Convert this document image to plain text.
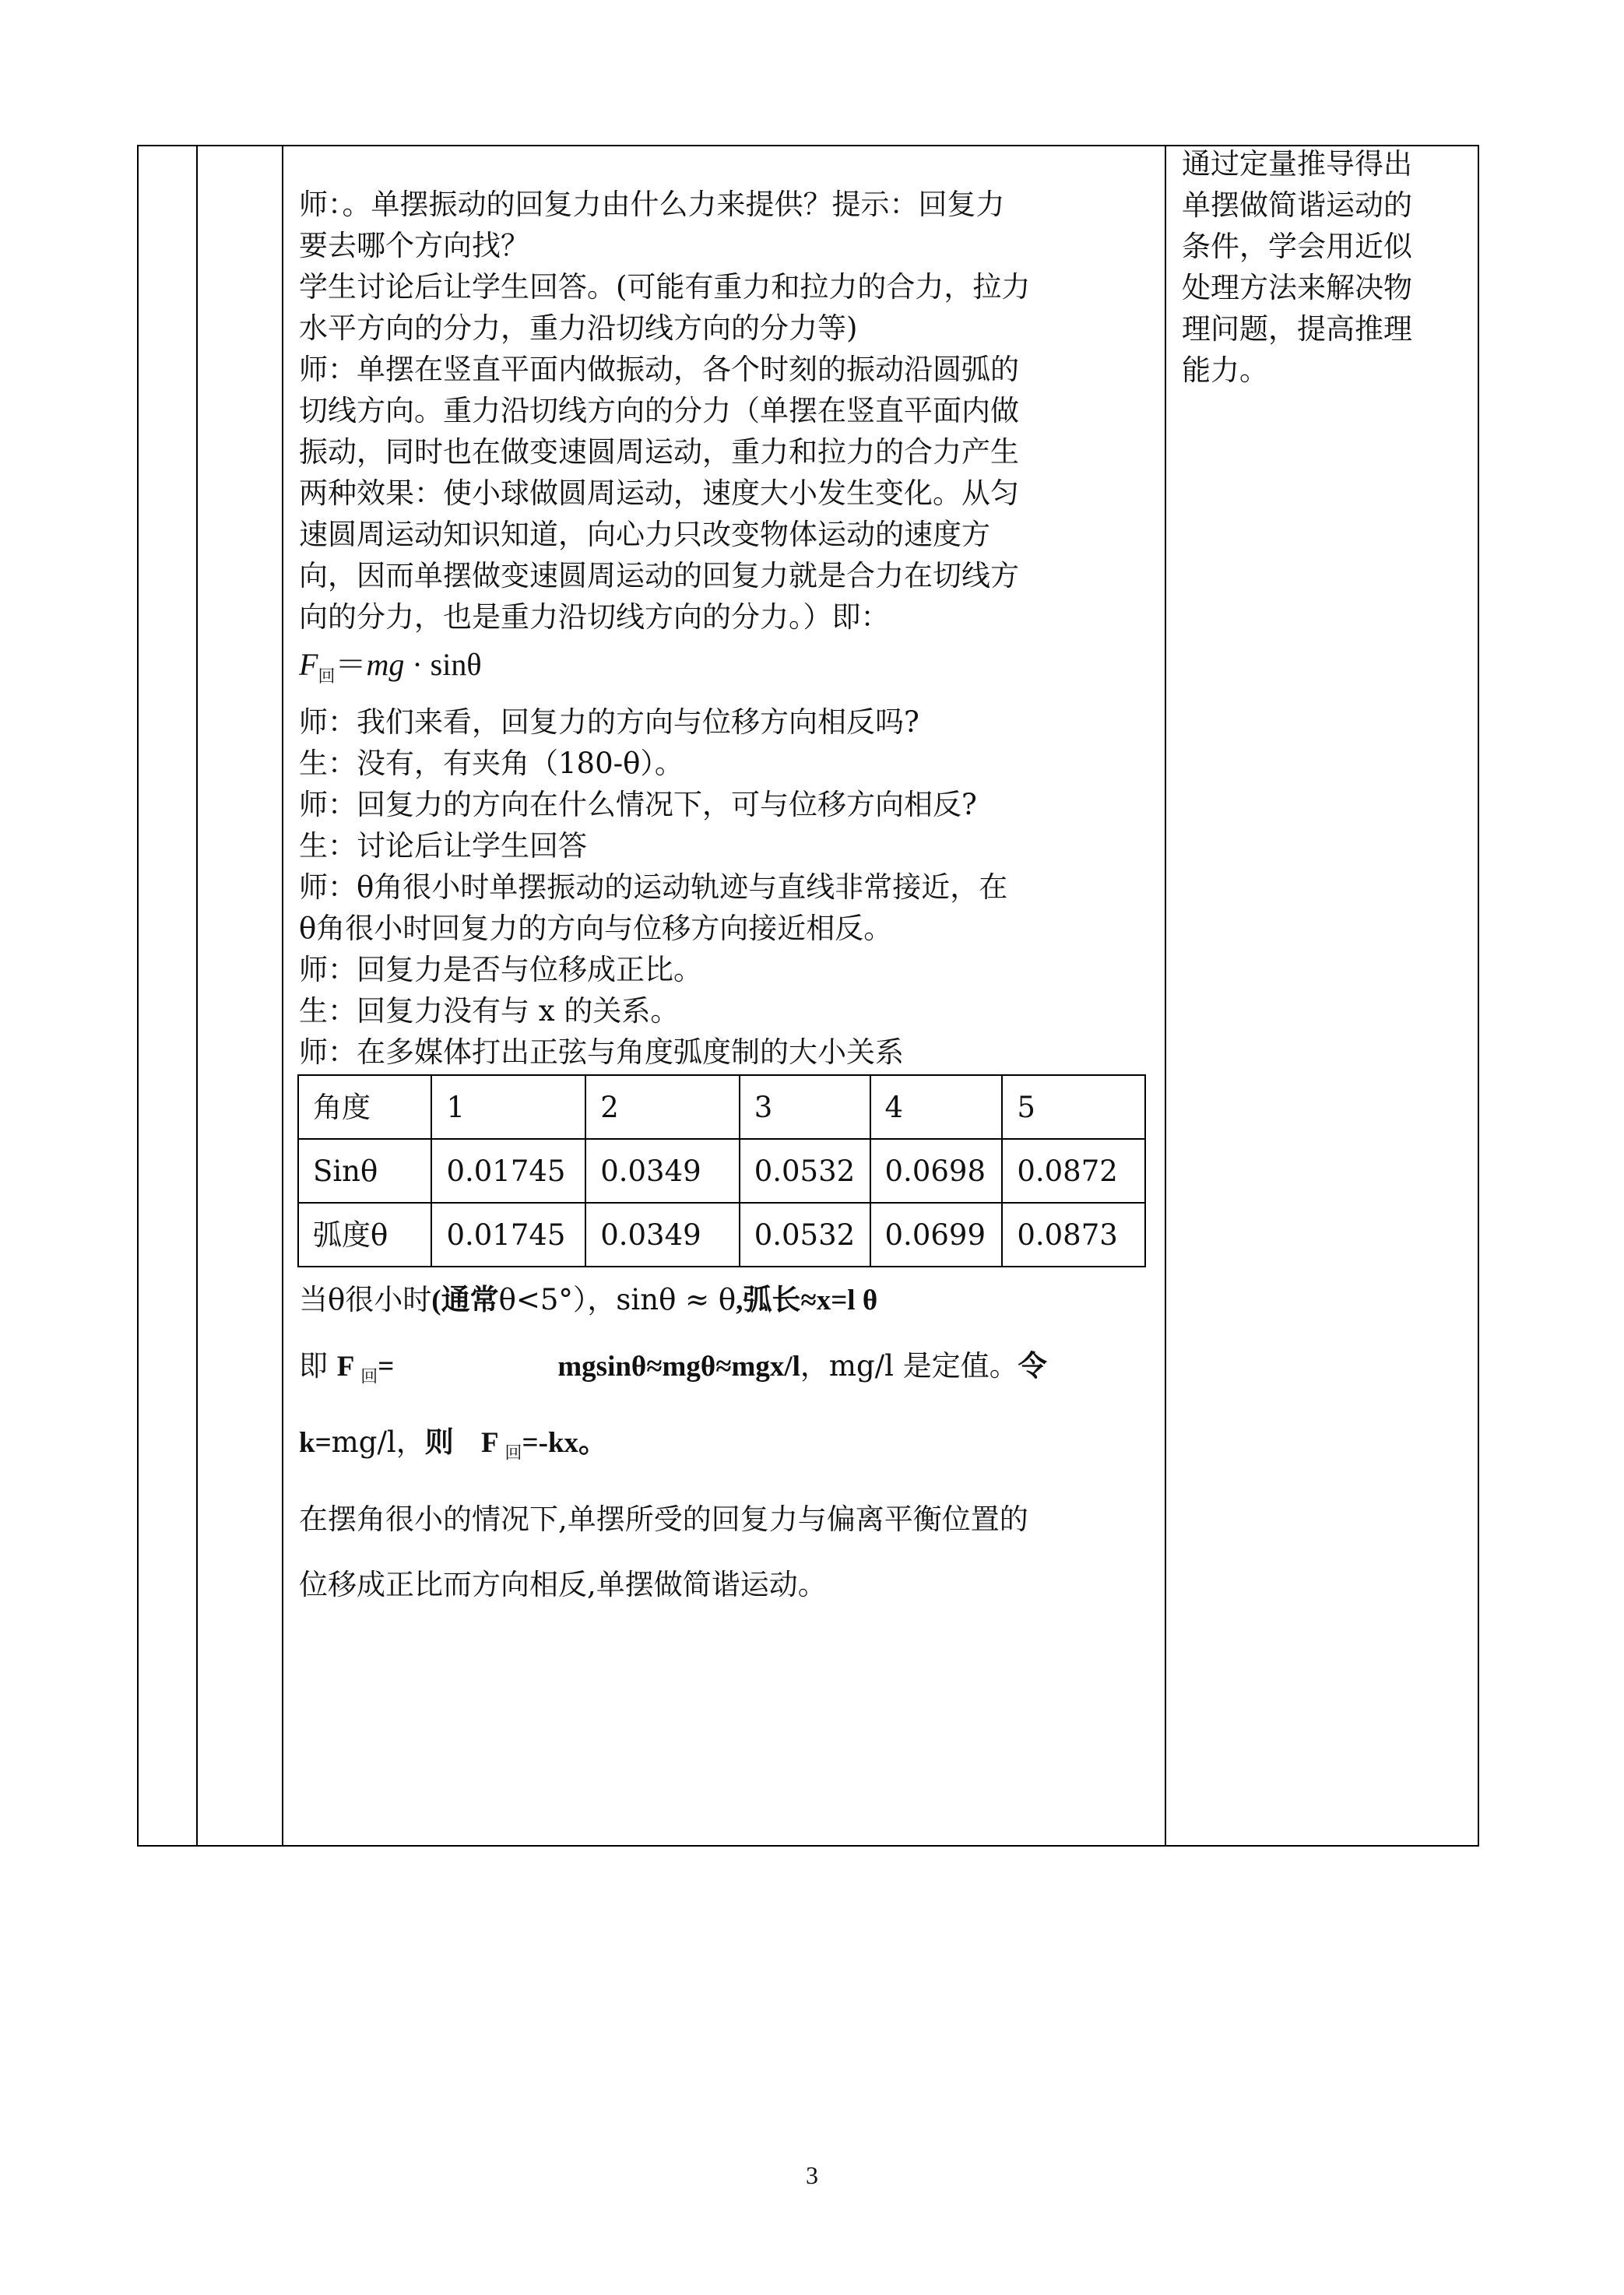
师：。单摆振动的回复力由什么力来提供？提示：回复力

要去哪个方向找？

学生讨论后让学生回答。(可能有重力和拉力的合力，拉力

水平方向的分力，重力沿切线方向的分力等)

师：单摆在竖直平面内做振动，各个时刻的振动沿圆弧的

切线方向。重力沿切线方向的分力（单摆在竖直平面内做

振动，同时也在做变速圆周运动，重力和拉力的合力产生

两种效果：使小球做圆周运动，速度大小发生变化。从匀

速圆周运动知识知道，向心力只改变物体运动的速度方

向，因而单摆做变速圆周运动的回复力就是合力在切线方

向的分力，也是重力沿切线方向的分力。）即：

$F_回=mg \cdot \sin\theta$

师：我们来看，回复力的方向与位移方向相反吗?

生：没有，有夹角（180-θ）。

师：回复力的方向在什么情况下，可与位移方向相反?

生：讨论后让学生回答

师：θ角很小时单摆振动的运动轨迹与直线非常接近，在

θ角很小时回复力的方向与位移方向接近相反。

师：回复力是否与位移成正比。

生：回复力没有与 x 的关系。

师：在多媒体打出正弦与角度弧度制的大小关系

角度	1	2	3	4	5
Sinθ	0.01745	0.0349	0.0532	0.0698	0.0872
弧度θ	0.01745	0.0349	0.0532	0.0699	0.0873

当θ很小时(通常θ<5°），sinθ ≈ θ,弧长≈x=l θ

即 F $_回$=	mgsinθ≈mgθ≈mgx/l，mg/l 是定值。令

k=mg/l，则 F $_回$=-kx。

在摆角很小的情况下,单摆所受的回复力与偏离平衡位置的

位移成正比而方向相反,单摆做简谐运动。

通过定量推导得出

单摆做简谐运动的

条件，学会用近似

处理方法来解决物

理问题，提高推理

能力。

3
